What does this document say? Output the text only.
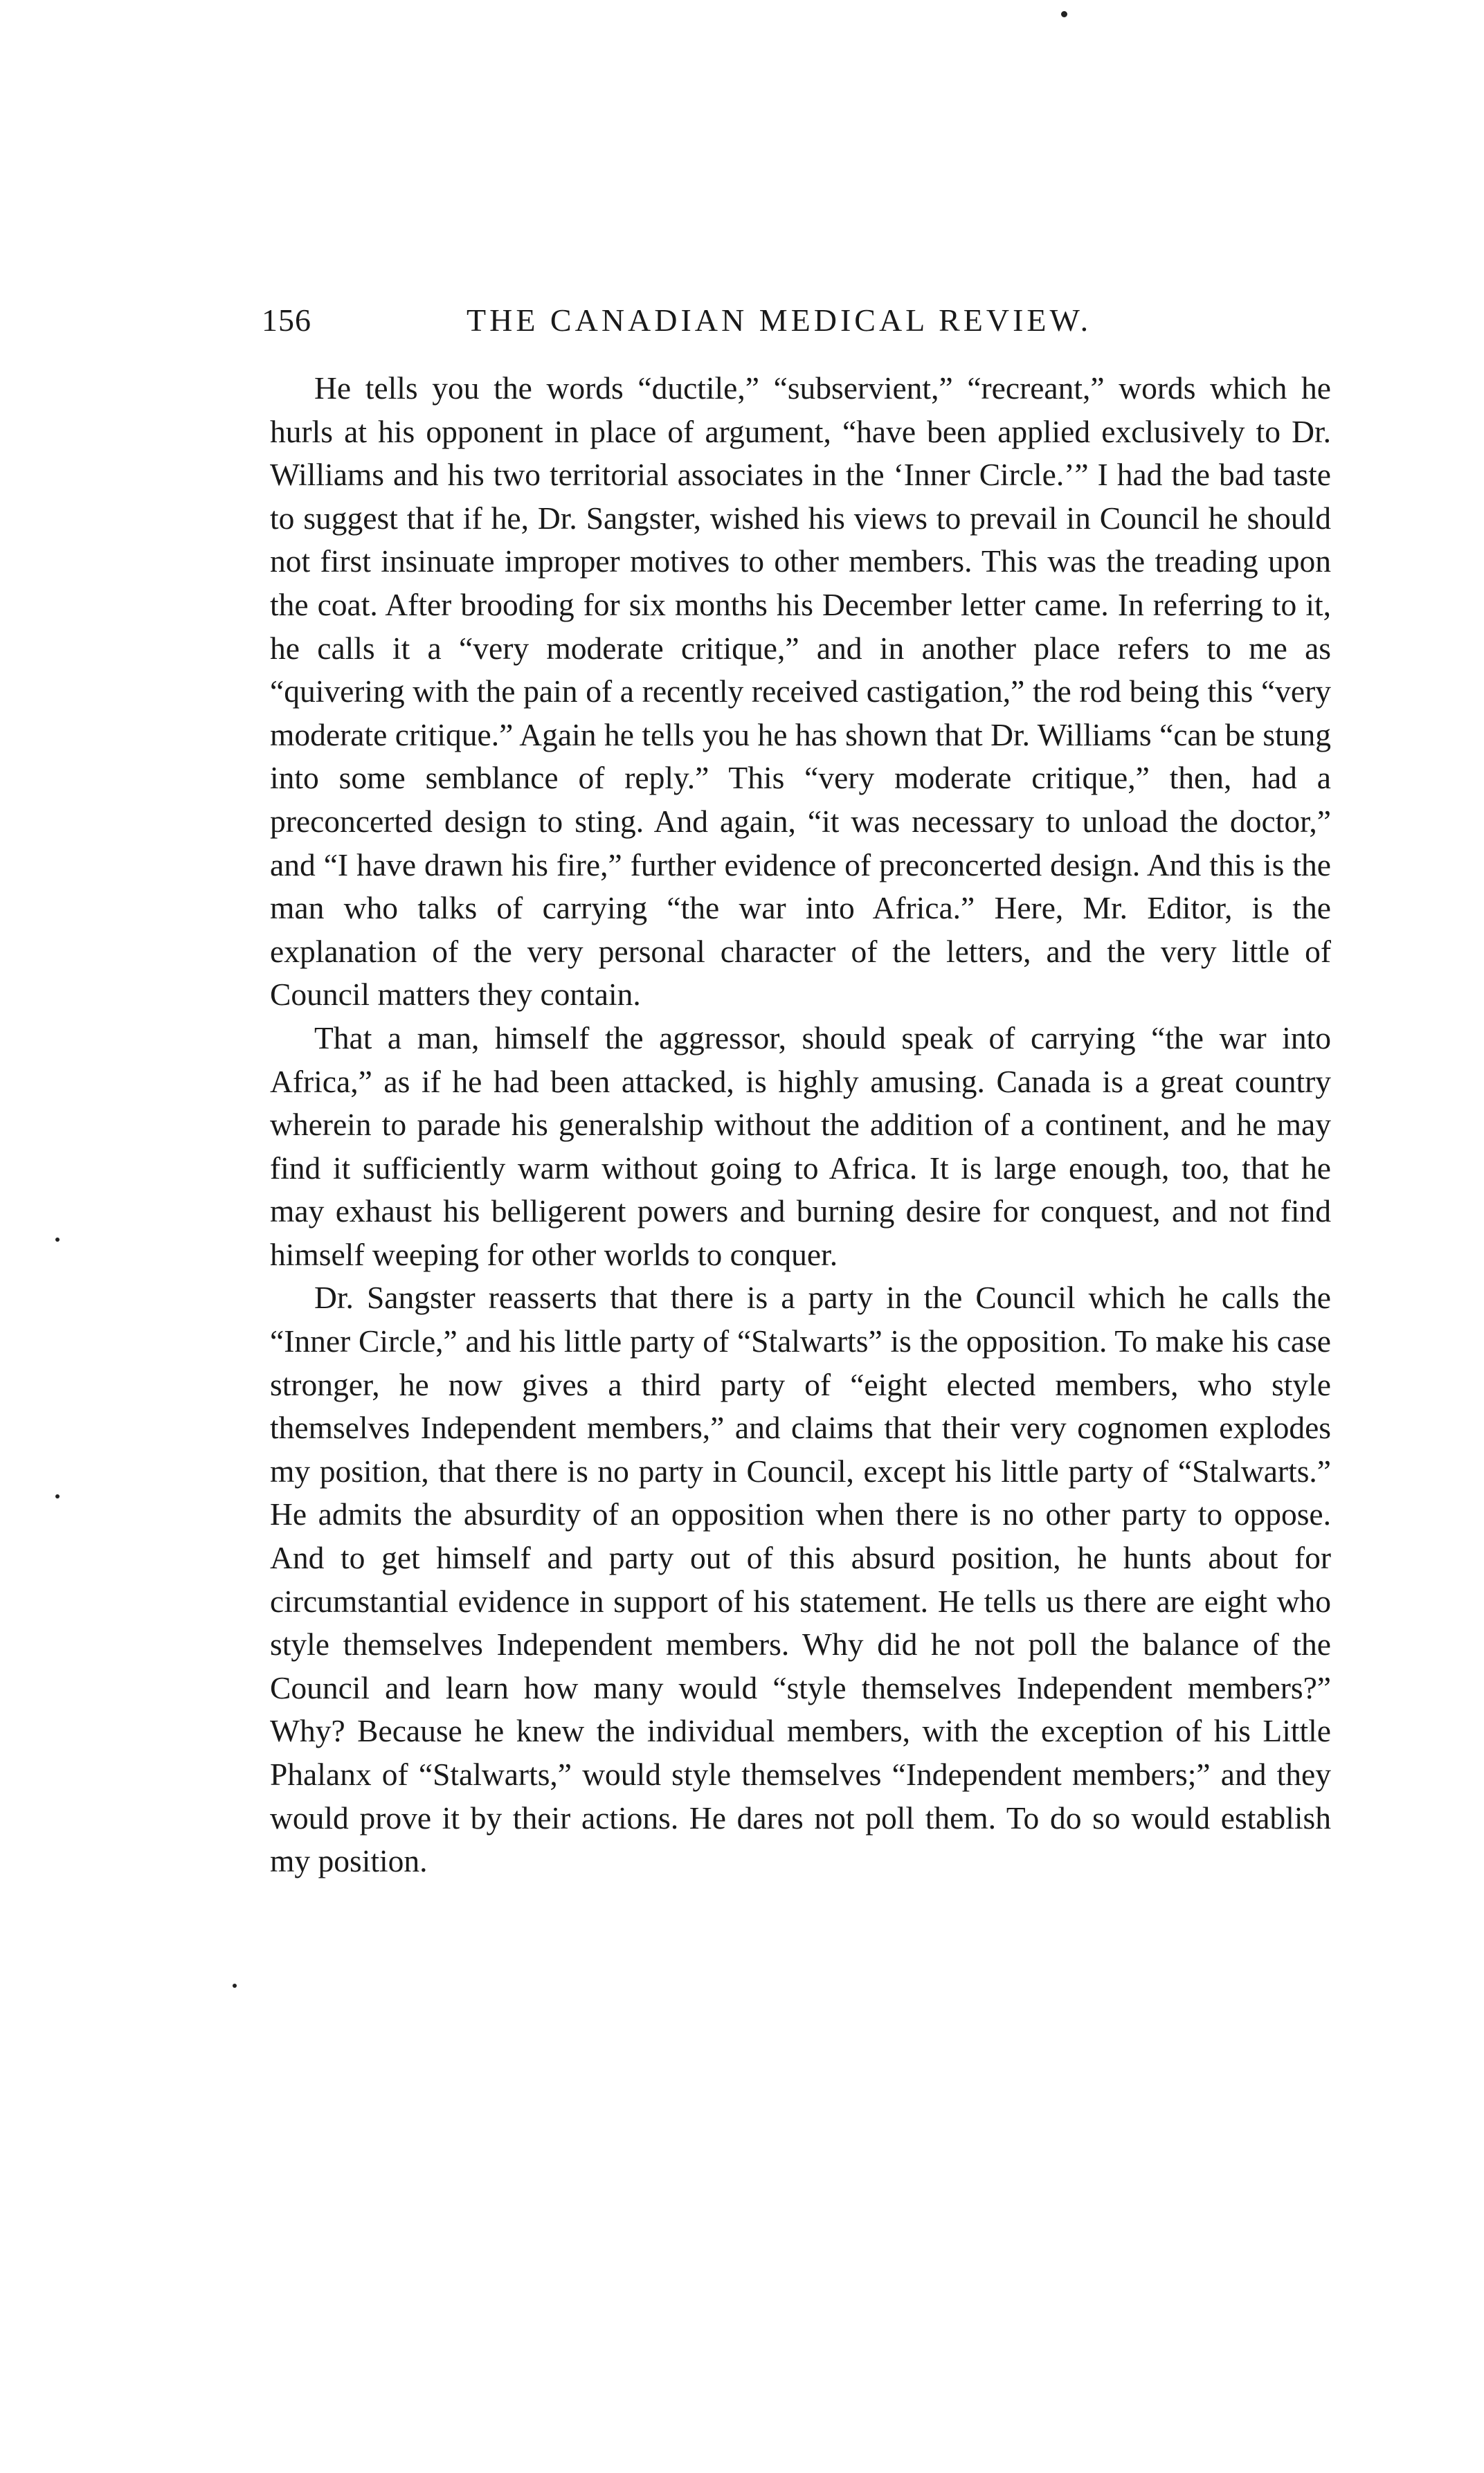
156	THE CANADIAN MEDICAL REVIEW.

He tells you the words “ductile,” “subservient,” “recreant,” words which he hurls at his opponent in place of argument, “have been applied exclusively to Dr. Williams and his two territorial associates in the ‘Inner Circle.’” I had the bad taste to suggest that if he, Dr. Sangster, wished his views to prevail in Council he should not first insinuate improper motives to other members. This was the treading upon the coat. After brooding for six months his December letter came. In referring to it, he calls it a “very moderate critique,” and in another place refers to me as “quivering with the pain of a recently received castigation,” the rod being this “very moderate critique.” Again he tells you he has shown that Dr. Williams “can be stung into some semblance of reply.” This “very moderate critique,” then, had a preconcerted design to sting. And again, “it was necessary to unload the doctor,” and “I have drawn his fire,” further evidence of preconcerted design. And this is the man who talks of carrying “the war into Africa.” Here, Mr. Editor, is the explanation of the very personal character of the letters, and the very little of Council matters they contain.

That a man, himself the aggressor, should speak of carrying “the war into Africa,” as if he had been attacked, is highly amusing. Canada is a great country wherein to parade his generalship without the addition of a continent, and he may find it sufficiently warm without going to Africa. It is large enough, too, that he may exhaust his belligerent powers and burning desire for conquest, and not find himself weeping for other worlds to conquer.

Dr. Sangster reasserts that there is a party in the Council which he calls the “Inner Circle,” and his little party of “Stalwarts” is the opposition. To make his case stronger, he now gives a third party of “eight elected members, who style themselves Independent members,” and claims that their very cognomen explodes my position, that there is no party in Council, except his little party of “Stalwarts.” He admits the absurdity of an opposition when there is no other party to oppose. And to get himself and party out of this absurd position, he hunts about for circumstantial evidence in support of his statement. He tells us there are eight who style themselves Independent members. Why did he not poll the balance of the Council and learn how many would “style themselves Independent members?” Why? Because he knew the individual members, with the exception of his Little Phalanx of “Stalwarts,” would style themselves “Independent members;” and they would prove it by their actions. He dares not poll them. To do so would establish my position.
